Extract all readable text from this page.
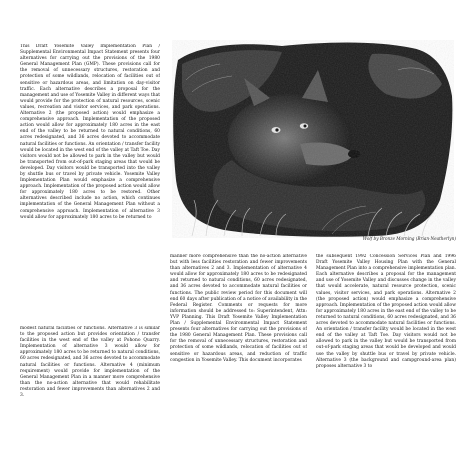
This Draft Yosemite Valley Implementation Plan / Supplemental Environmental Impact Statement presents four alternatives for carrying out the provisions of the 1980 General Management Plan (GMP). These provisions call for the removal of unnecessary structures, restoration and protection of some wildlands, relocation of facilities out of sensitive or hazardous areas, and limitation on day-visitor traffic. Each alternative describes a proposal for the management and use of Yosemite Valley in different ways that would provide for the protection of natural resources, scenic values, recreation and visitor services, and park operations. Alternative 2 (the proposed action) would emphasize a comprehensive approach. Implementation of the proposed action would allow for approximately 180 acres in the east end of the valley to be returned to natural conditions, 60 acres redesignated, and 36 acres devoted to accommodate natural facilities or functions. An orientation / transfer facility would be located in the west end of the valley at Taft Toe. Day visitors would not be allowed to park in the valley but would be transported from out-of-park staging areas that would be developed. Day visitors would be transported into the valley by shuttle bus or travel by private vehicle. Yosemite Valley Implementation Plan would emphasize a comprehensive approach. Implementation of the proposed action would allow for approximately 180 acres to be restored. Other alternatives described include no action, which continues implementation of the General Management Plan without a comprehensive approach. Implementation of alternative 3 would allow for approximately 180 acres to be returned to

modest natural facilities or functions. Alternative 3 is similar to the proposed action but provides orientation / transfer facilities in the west end of the valley at Pohono Quarry. Implementation of alternative 3 would allow for approximately 180 acres to be returned to natural conditions, 60 acres redesignated, and 36 acres devoted to accommodate natural facilities or functions. Alternative 4 (minimum requirement) would provide for implementation of the General Management Plan in a manner more comprehensive than the no-action alternative that would rehabilitate restoration and fewer improvements than alternatives 2 and 3.

Wolf by Bronze Morning (Brian-Neatherlyn)

manner more comprehensive than the no-action alternative but with less facilities restoration and fewer improvements than alternatives 2 and 3. Implementation of alternative 4 would allow for approximately 180 acres to be redesignated and returned to natural conditions, 60 acres redesignated, and 36 acres devoted to accommodate natural facilities or functions. The public review period for this document will end 60 days after publication of a notice of availability in the Federal Register. Comments or requests for more information should be addressed to: Superintendent, Attn: YVP Planning. This Draft Yosemite Valley Implementation Plan / Supplemental Environmental Impact Statement presents four alternatives for carrying out the provisions of the 1980 General Management Plan. These provisions call for the removal of unnecessary structures, restoration and protection of some wildlands, relocation of facilities out of sensitive or hazardous areas, and reduction of traffic congestion in Yosemite Valley. This document incorporates

the subsequent 1992 Concession Services Plan and 1996 Draft Yosemite Valley Housing Plan with the General Management Plan into a comprehensive implementation plan. Each alternative describes a proposal for the management and use of Yosemite Valley and discusses change in the valley that would accelerate, natural resource protection, scenic values, visitor services, and park operations. Alternative 2 (the proposed action) would emphasize a comprehensive approach. Implementation of the proposed action would allow for approximately 180 acres in the east end of the valley to be returned to natural conditions, 60 acres redesignated, and 36 acres devoted to accommodate natural facilities or functions. An orientation / transfer facility would be located in the west end of the valley at Taft Toe. Day visitors would not be allowed to park in the valley but would be transported from out-of-park staging areas that would be developed and would use the valley by shuttle bus or travel by private vehicle. Alternative 3 (the background and campground-area plan) proposes alternative 3 to
